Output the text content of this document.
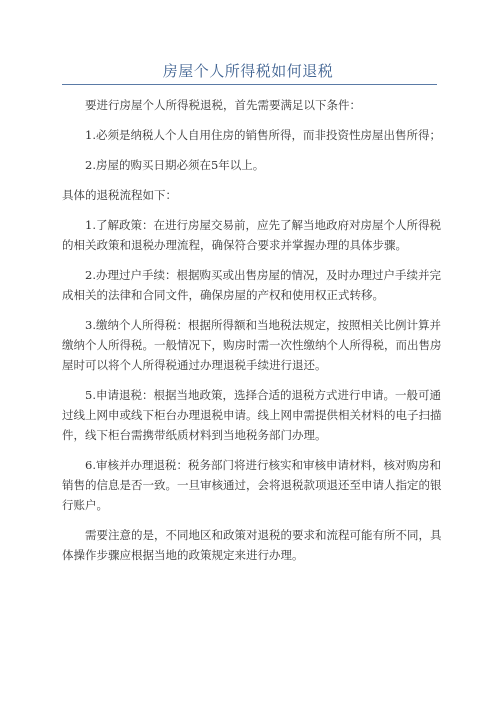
房屋个人所得税如何退税

要进行房屋个人所得税退税，首先需要满足以下条件：

1.必须是纳税人个人自用住房的销售所得，而非投资性房屋出售所得；

2.房屋的购买日期必须在5年以上。

具体的退税流程如下：

1.了解政策：在进行房屋交易前，应先了解当地政府对房屋个人所得税的相关政策和退税办理流程，确保符合要求并掌握办理的具体步骤。

2.办理过户手续：根据购买或出售房屋的情况，及时办理过户手续并完成相关的法律和合同文件，确保房屋的产权和使用权正式转移。

3.缴纳个人所得税：根据所得额和当地税法规定，按照相关比例计算并缴纳个人所得税。一般情况下，购房时需一次性缴纳个人所得税，而出售房屋时可以将个人所得税通过办理退税手续进行退还。

5.申请退税：根据当地政策，选择合适的退税方式进行申请。一般可通过线上网申或线下柜台办理退税申请。线上网申需提供相关材料的电子扫描件，线下柜台需携带纸质材料到当地税务部门办理。

6.审核并办理退税：税务部门将进行核实和审核申请材料，核对购房和销售的信息是否一致。一旦审核通过，会将退税款项退还至申请人指定的银行账户。

需要注意的是，不同地区和政策对退税的要求和流程可能有所不同，具体操作步骤应根据当地的政策规定来进行办理。
